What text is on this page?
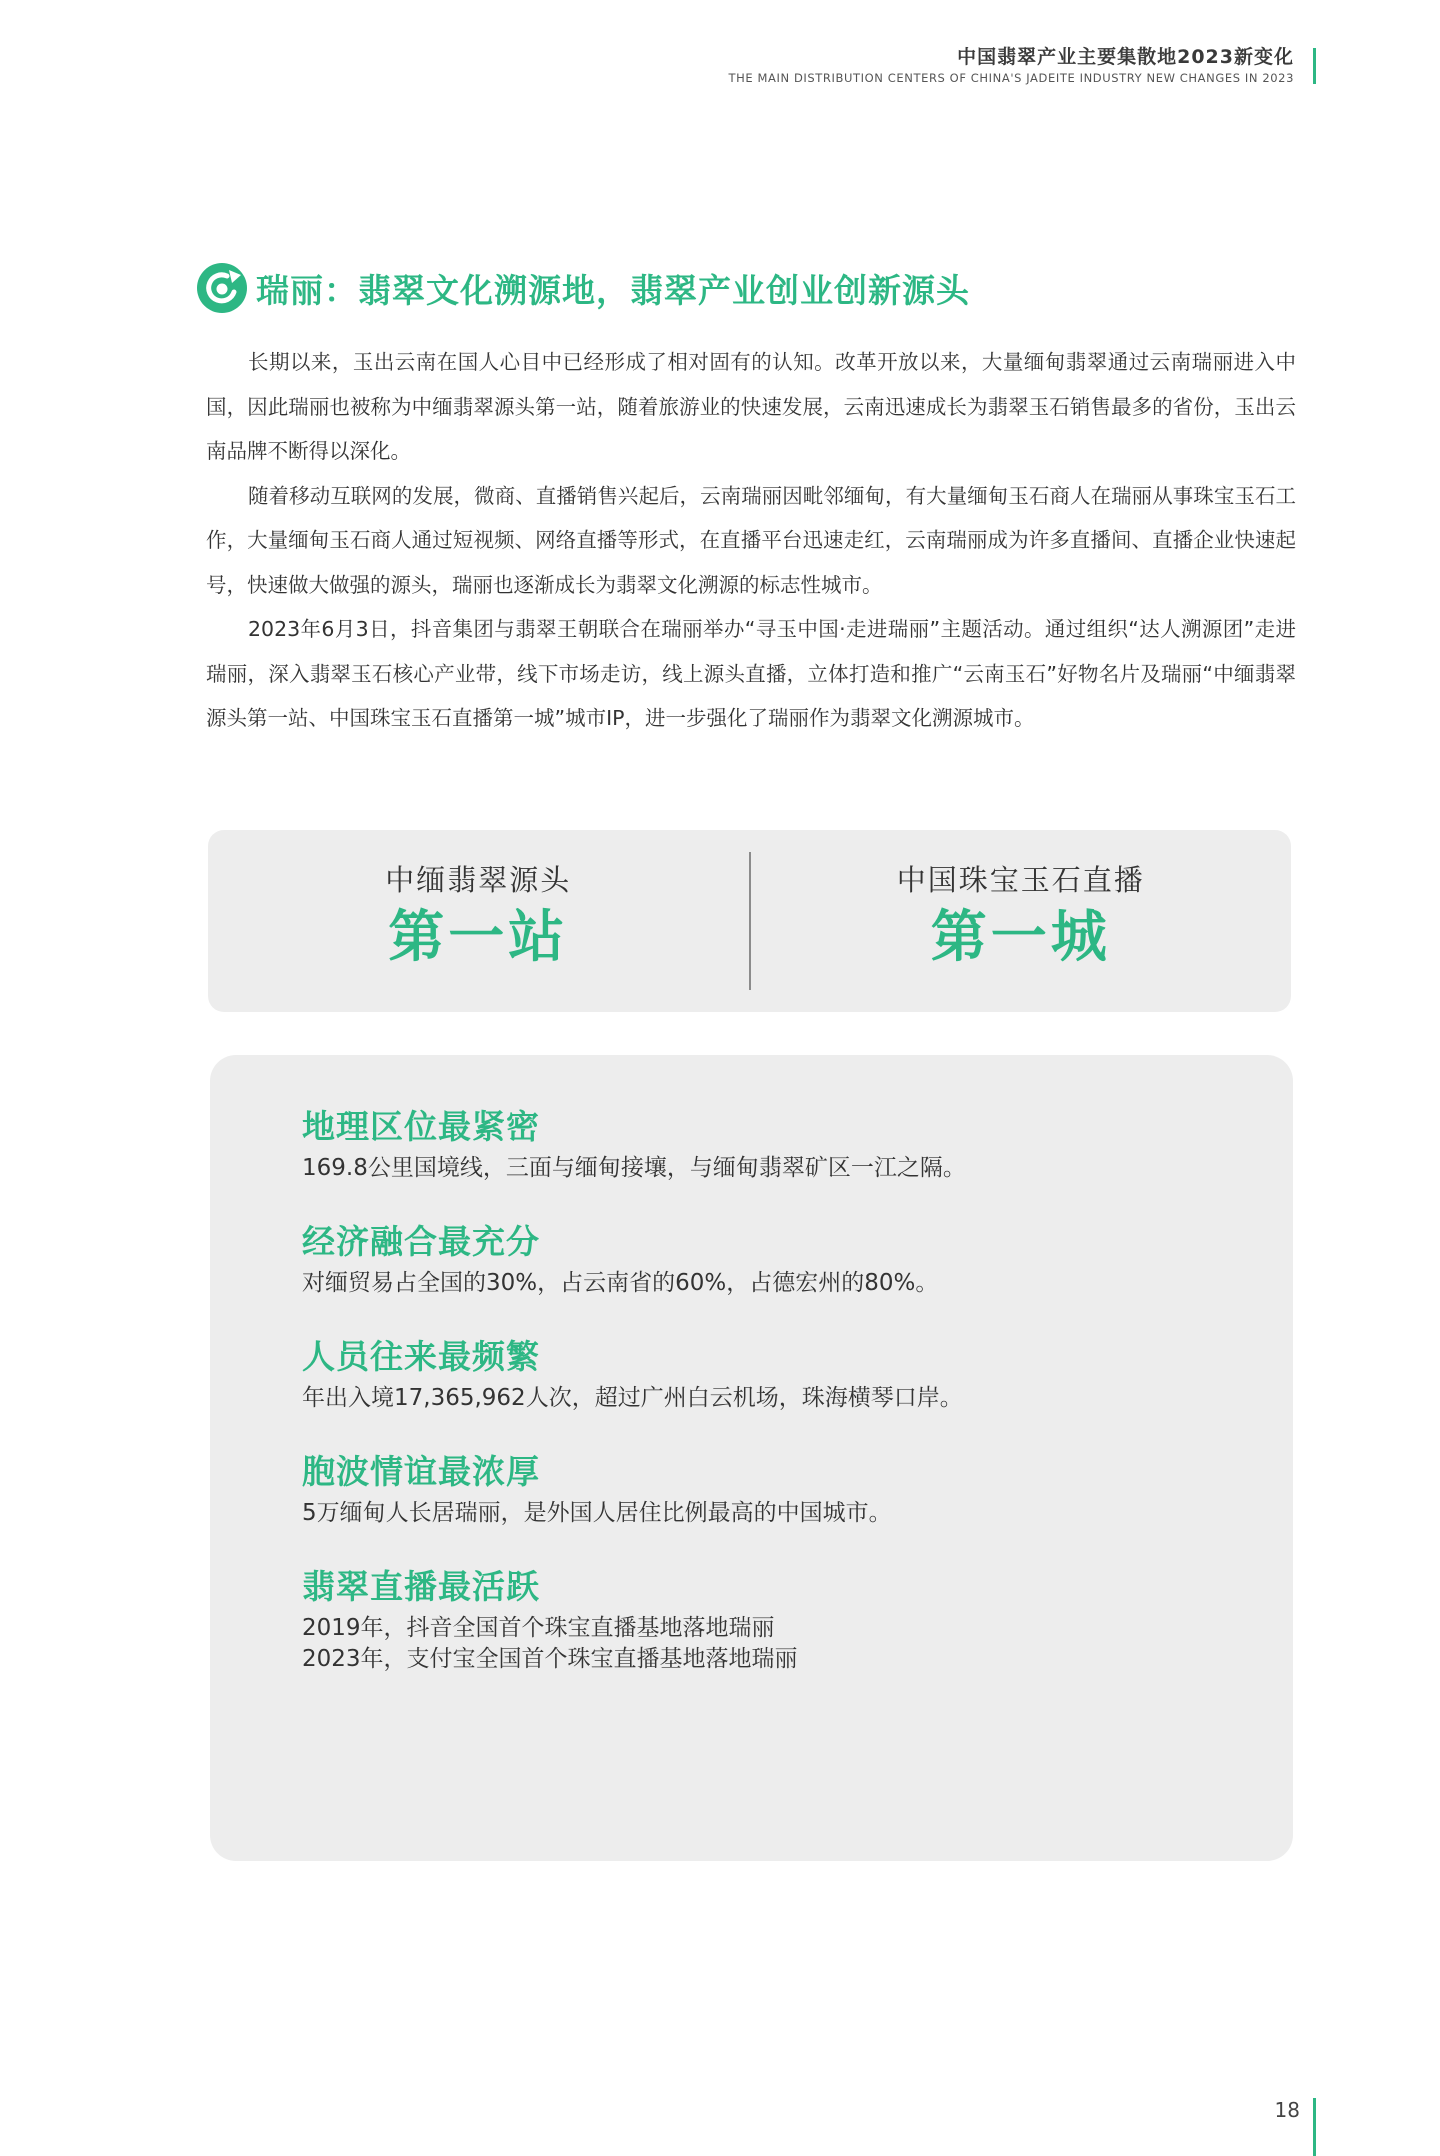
中国翡翠产业主要集散地2023新变化
THE MAIN DISTRIBUTION CENTERS OF CHINA'S JADEITE INDUSTRY NEW CHANGES IN 2023
瑞丽：翡翠文化溯源地，翡翠产业创业创新源头

长期以来，玉出云南在国人心目中已经形成了相对固有的认知。改革开放以来，大量缅甸翡翠通过云南瑞丽进入中国，因此瑞丽也被称为中缅翡翠源头第一站，随着旅游业的快速发展，云南迅速成长为翡翠玉石销售最多的省份，玉出云南品牌不断得以深化。

随着移动互联网的发展，微商、直播销售兴起后，云南瑞丽因毗邻缅甸，有大量缅甸玉石商人在瑞丽从事珠宝玉石工作，大量缅甸玉石商人通过短视频、网络直播等形式，在直播平台迅速走红，云南瑞丽成为许多直播间、直播企业快速起号，快速做大做强的源头，瑞丽也逐渐成长为翡翠文化溯源的标志性城市。

2023年6月3日，抖音集团与翡翠王朝联合在瑞丽举办“寻玉中国·走进瑞丽”主题活动。通过组织“达人溯源团”走进瑞丽，深入翡翠玉石核心产业带，线下市场走访，线上源头直播，立体打造和推广“云南玉石”好物名片及瑞丽“中缅翡翠源头第一站、中国珠宝玉石直播第一城”城市IP，进一步强化了瑞丽作为翡翠文化溯源城市。

中缅翡翠源头
第一站
中国珠宝玉石直播
第一城
地理区位最紧密
169.8公里国境线，三面与缅甸接壤，与缅甸翡翠矿区一江之隔。
经济融合最充分
对缅贸易占全国的30%，占云南省的60%，占德宏州的80%。
人员往来最频繁
年出入境17,365,962人次，超过广州白云机场，珠海横琴口岸。
胞波情谊最浓厚
5万缅甸人长居瑞丽，是外国人居住比例最高的中国城市。
翡翠直播最活跃
2019年，抖音全国首个珠宝直播基地落地瑞丽
2023年，支付宝全国首个珠宝直播基地落地瑞丽
18
